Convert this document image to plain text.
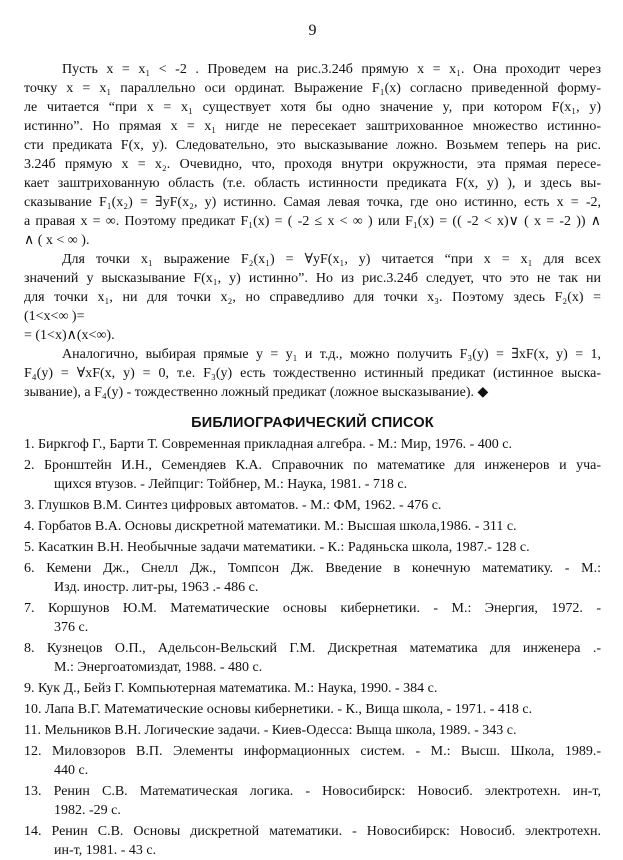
9

Пусть x = x₁ < -2 . Проведем на рис.3.24б прямую x = x₁. Она проходит через
точку x = x₁ параллельно оси ординат. Выражение F₁(x) согласно приведенной форму-
ле читается “при x = x₁ существует хотя бы одно значение y, при котором F(x₁, y)
истинно”. Но прямая x = x₁ нигде не пересекает заштрихованное множество истинно-
сти предиката F(x, y). Следовательно, это высказывание ложно. Возьмем теперь на рис.
3.24б прямую x = x₂. Очевидно, что, проходя внутри окружности, эта прямая пересе-
кает заштрихованную область (т.е. область истинности предиката F(x, y) ), и здесь вы-
сказывание F₁(x₂) = ∃yF(x₂, y) истинно. Самая левая точка, где оно истинно, есть x = -2,
а правая x = ∞. Поэтому предикат F₁(x) = ( -2 ≤ x < ∞ ) или F₁(x) = (( -2 < x)∨ ( x = -2 )) ∧
∧ ( x < ∞ ).

Для точки x₁ выражение F₂(x₁) = ∀yF(x₁, y) читается “при x = x₁ для всех
значений y высказывание F(x₁, y) истинно”. Но из рис.3.24б следует, что это не так ни
для точки x₁, ни для точки x₂, но справедливо для точки x₃. Поэтому здесь F₂(x) =
(1<x<∞ )=
= (1<x)∧(x<∞).

Аналогично, выбирая прямые y = y₁ и т.д., можно получить F₃(y) = ∃xF(x, y) = 1,
F₄(y) = ∀xF(x, y) = 0, т.е. F₃(y) есть тождественно истинный предикат (истинное выска-
зывание), а F₄(y) - тождественно ложный предикат (ложное высказывание). ◆

БИБЛИОГРАФИЧЕСКИЙ СПИСОК
1. Биркгоф Г., Барти Т. Современная прикладная алгебра. - М.: Мир, 1976. - 400 с.
2. Бронштейн И.Н., Семендяев К.А. Справочник по математике для инженеров и уча-
щихся втузов. - Лейпциг: Тойбнер, М.: Наука, 1981. - 718 с.
3. Глушков В.М. Синтез цифровых автоматов. - М.: ФМ, 1962. - 476 с.
4. Горбатов В.А. Основы дискретной математики. М.: Высшая школа,1986. - 311 с.
5. Касаткин В.Н. Необычные задачи математики. - К.: Радяньска школа, 1987.- 128 с.
6. Кемени Дж., Снелл Дж., Томпсон Дж. Введение в конечную математику. - М.:
Изд. иностр. лит-ры, 1963 .- 486 с.
7. Коршунов Ю.М. Математические основы кибернетики. - М.: Энергия, 1972. -
376 с.
8. Кузнецов О.П., Адельсон-Вельский Г.М. Дискретная математика для инженера .-
М.: Энергоатомиздат, 1988. - 480 с.
9. Кук Д., Бейз Г. Компьютерная математика. М.: Наука, 1990. - 384 с.
10. Лапа В.Г. Математические основы кибернетики. - К., Вища школа, - 1971. - 418 с.
11. Мельников В.Н. Логические задачи. - Киев-Одесса: Выща школа, 1989. - 343 с.
12. Миловзоров В.П. Элементы информационных систем. - М.: Высш. Школа, 1989.-
440 с.
13. Ренин С.В. Математическая логика. - Новосибирск: Новосиб. электротехн. ин-т,
1982. -29 с.
14. Ренин С.В. Основы дискретной математики. - Новосибирск: Новосиб. электротехн.
ин-т, 1981. - 43 с.
